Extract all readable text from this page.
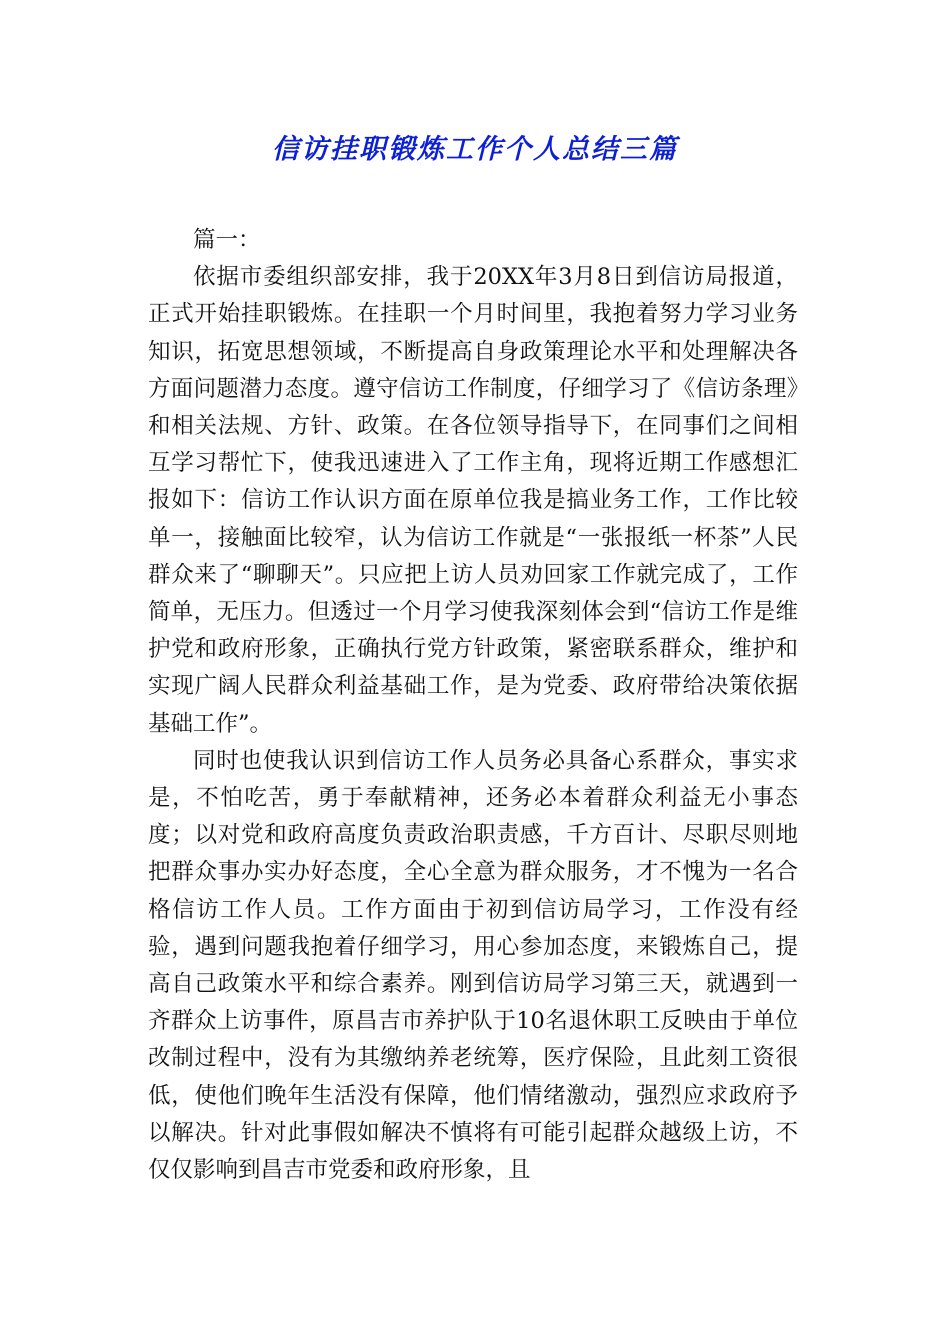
信访挂职锻炼工作个人总结三篇

篇一：

依据市委组织部安排，我于20XX年3月8日到信访局报道，正式开始挂职锻炼。在挂职一个月时间里，我抱着努力学习业务知识，拓宽思想领域，不断提高自身政策理论水平和处理解决各方面问题潜力态度。遵守信访工作制度，仔细学习了《信访条理》和相关法规、方针、政策。在各位领导指导下，在同事们之间相互学习帮忙下，使我迅速进入了工作主角，现将近期工作感想汇报如下：信访工作认识方面在原单位我是搞业务工作，工作比较单一，接触面比较窄，认为信访工作就是“一张报纸一杯茶”人民群众来了“聊聊天”。只应把上访人员劝回家工作就完成了，工作简单，无压力。但透过一个月学习使我深刻体会到“信访工作是维护党和政府形象，正确执行党方针政策，紧密联系群众，维护和实现广阔人民群众利益基础工作，是为党委、政府带给决策依据基础工作”。

同时也使我认识到信访工作人员务必具备心系群众，事实求是，不怕吃苦，勇于奉献精神，还务必本着群众利益无小事态度；以对党和政府高度负责政治职责感，千方百计、尽职尽则地把群众事办实办好态度，全心全意为群众服务，才不愧为一名合格信访工作人员。工作方面由于初到信访局学习，工作没有经验，遇到问题我抱着仔细学习，用心参加态度，来锻炼自己，提高自己政策水平和综合素养。刚到信访局学习第三天，就遇到一齐群众上访事件，原昌吉市养护队于10名退休职工反映由于单位改制过程中，没有为其缴纳养老统筹，医疗保险，且此刻工资很低，使他们晚年生活没有保障，他们情绪激动，强烈应求政府予以解决。针对此事假如解决不慎将有可能引起群众越级上访，不仅仅影响到昌吉市党委和政府形象，且
